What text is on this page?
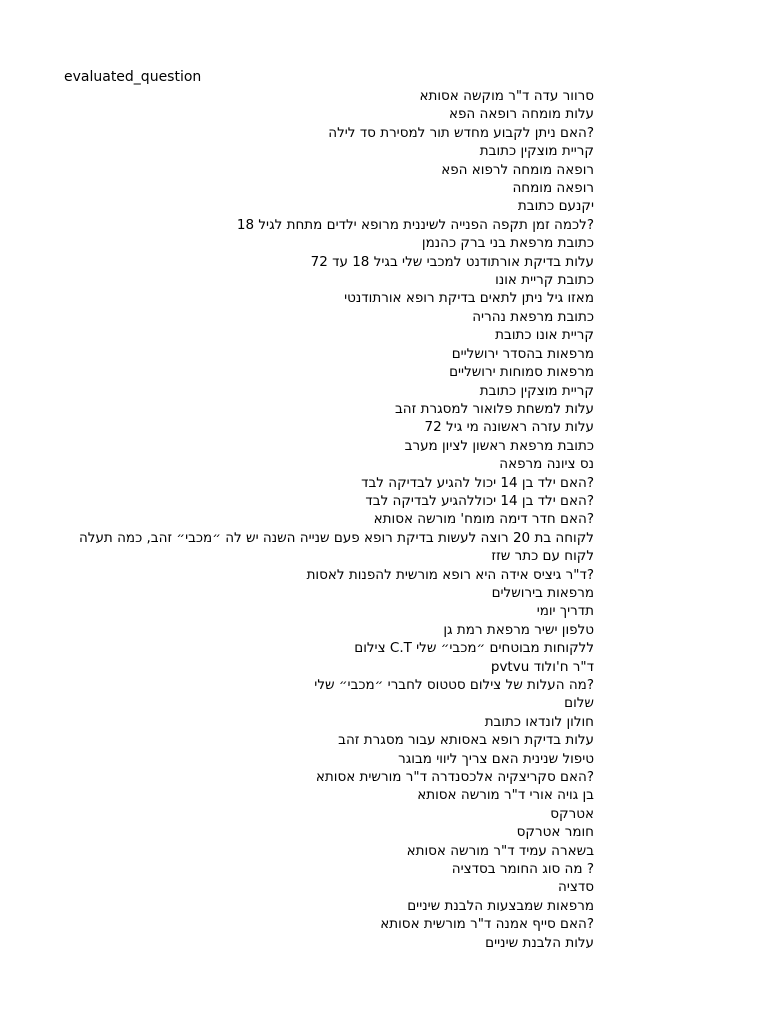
evaluated_question
סרוור עדה ד"ר מוקשה אסותא
עלות מומחה רופאה הפא
?האם ניתן לקבוע מחדש תור למסירת סד לילה
קריית מוצקין כתובת
רופאה מומחה לרפוא הפא
רופאה מומחה
יקנעם כתובת
?לכמה זמן תקפה הפנייה לשיננית מרופא ילדים מתחת לגיל 18
כתובת מרפאת בני ברק כהנמן
עלות בדיקת אורתודנט למכבי שלי בגיל 18 עד 72
כתובת קריית אונו
מאזו גיל ניתן לתאים בדיקת רופא אורתודנטי
כתובת מרפאת נהריה
קריית אונו כתובת
מרפאות בהסדר ירושליים
מרפאות סמוחות ירושליים
קריית מוצקין כתובת
עלות למשחת פלואור למסגרת זהב
עלות עזרה ראשונה מי גיל 72
כתובת מרפאת ראשון לציון מערב
נס ציונה מרפאה
?האם ילד בן 14 יכול להגיע לבדיקה לבד
?האם ילד בן 14 יכוללהגיע לבדיקה לבד
?האם חדר דימה מומח' מורשה אסותא
לקוחה בת 20 רוצה לעשות בדיקת רופא פעם שנייה השנה יש לה ״מכבי״ זהב, כמה תעלה לקוח עם כתר שזז
?ד"ר גיציס אידה היא רופא מורשית להפנות לאסות
מרפאות בירושלים
תדריך יומי
טלפון ישיר מרפאת רמת גן
ללקוחות מבוטחים ״מכבי״ שלי C.T צילום
pvtvu ד"ר ח'ולוד
?מה העלות של צילום סטטוס לחברי ״מכבי״ שלי
שלום
חולון לונדאו כתובת
עלות בדיקת רופא באסותא עבור מסגרת זהב
טיפול שנינית האם צריך ליווי מבוגר
?האם סקריצקיה אלכסנדרה ד"ר מורשית אסותא
בן גויה אורי ד"ר מורשה אסותא
אטרקס
חומר אטרקס
בשארה עמיד ד"ר מורשה אסותא
? מה סוג החומר בסדציה
סדציה
מרפאות שמבצעות הלבנת שיניים
?האם סייף אמנה ד"ר מורשית אסותא
עלות הלבנת שיניים
